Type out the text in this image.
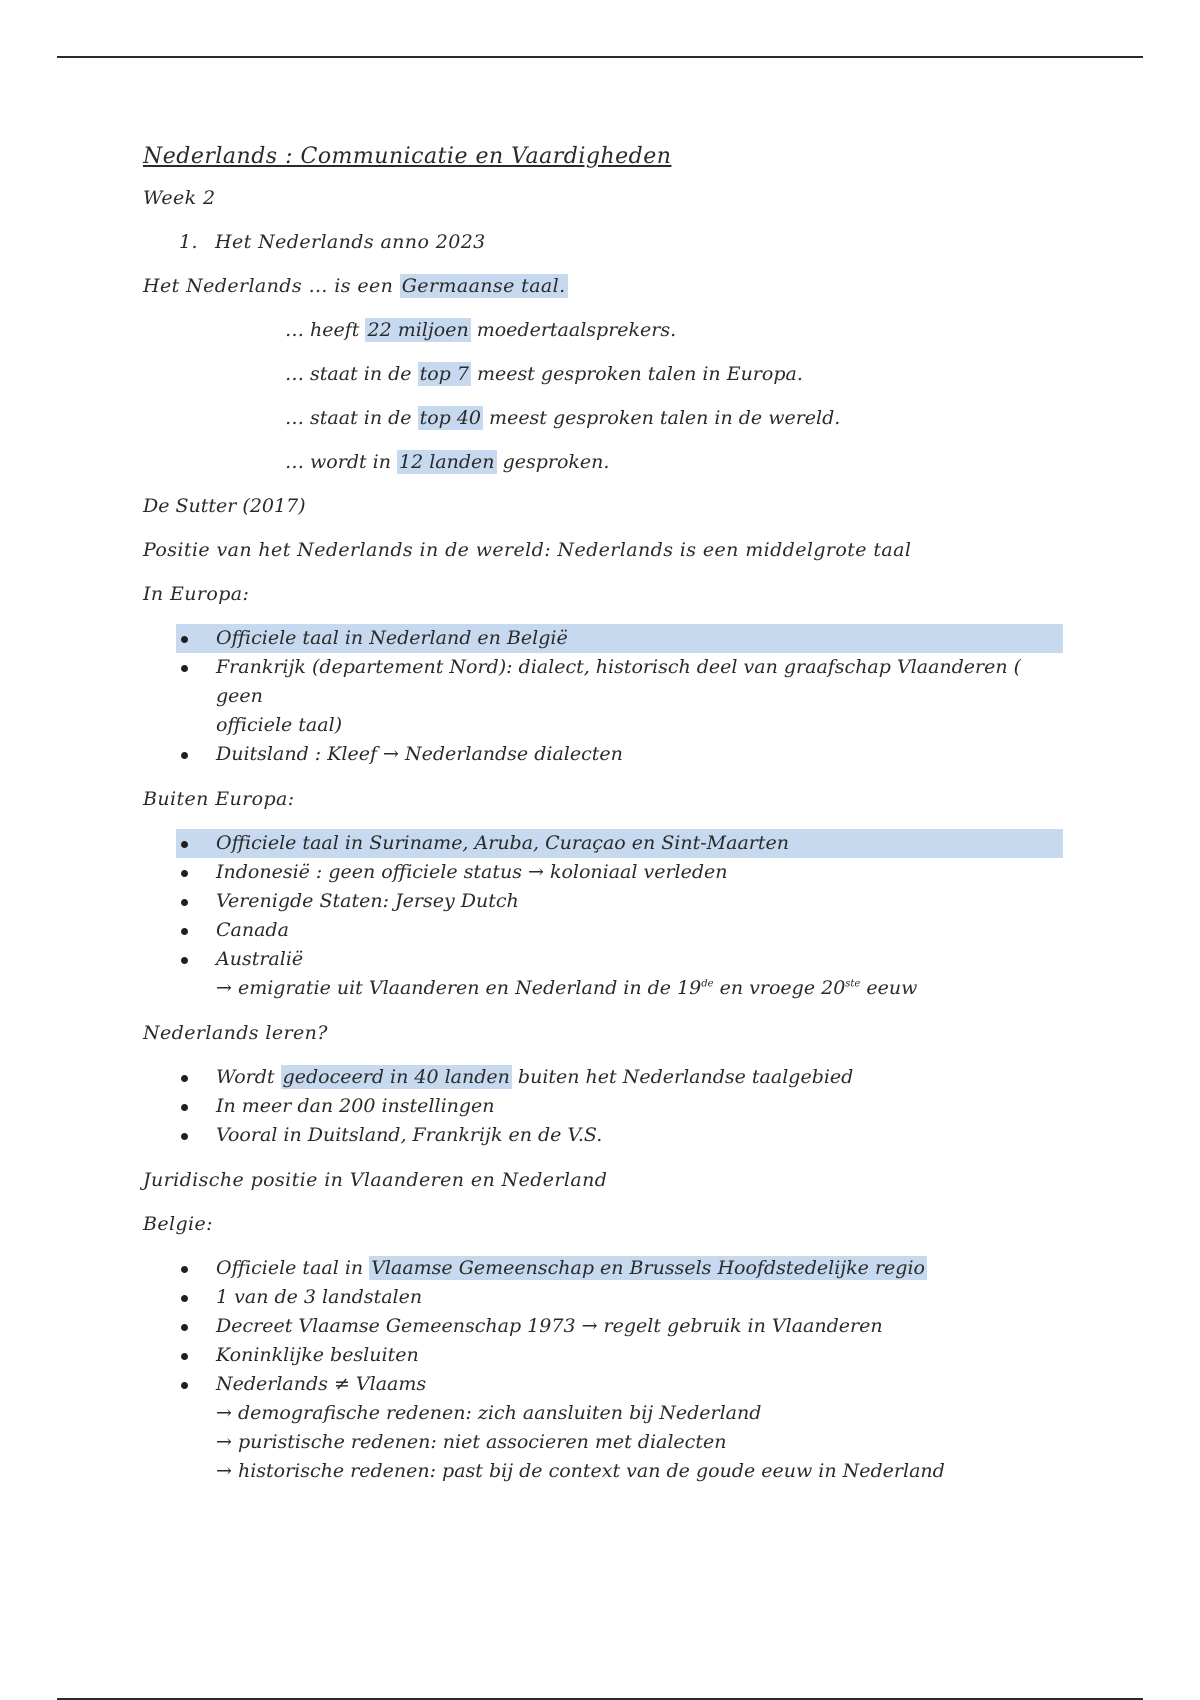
Nederlands : Communicatie en Vaardigheden
Week 2
1. Het Nederlands anno 2023
Het Nederlands … is een Germaanse taal.
… heeft 22 miljoen moedertaalsprekers.
… staat in de top 7 meest gesproken talen in Europa.
… staat in de top 40 meest gesproken talen in de wereld.
… wordt in 12 landen gesproken.
De Sutter (2017)
Positie van het Nederlands in de wereld: Nederlands is een middelgrote taal
In Europa:
Officiele taal in Nederland en België
Frankrijk (departement Nord): dialect, historisch deel van graafschap Vlaanderen ( geen
officiele taal)
Duitsland : Kleef → Nederlandse dialecten
Buiten Europa:
Officiele taal in Suriname, Aruba, Curaçao en Sint-Maarten
Indonesië : geen officiele status → koloniaal verleden
Verenigde Staten: Jersey Dutch
Canada
Australië
→ emigratie uit Vlaanderen en Nederland in de 19de en vroege 20ste eeuw
Nederlands leren?
Wordt gedoceerd in 40 landen buiten het Nederlandse taalgebied
In meer dan 200 instellingen
Vooral in Duitsland, Frankrijk en de V.S.
Juridische positie in Vlaanderen en Nederland
Belgie:
Officiele taal in Vlaamse Gemeenschap en Brussels Hoofdstedelijke regio
1 van de 3 landstalen
Decreet Vlaamse Gemeenschap 1973 → regelt gebruik in Vlaanderen
Koninklijke besluiten
Nederlands ≠ Vlaams
→ demografische redenen: zich aansluiten bij Nederland
→ puristische redenen: niet associeren met dialecten
→ historische redenen: past bij de context van de goude eeuw in Nederland
